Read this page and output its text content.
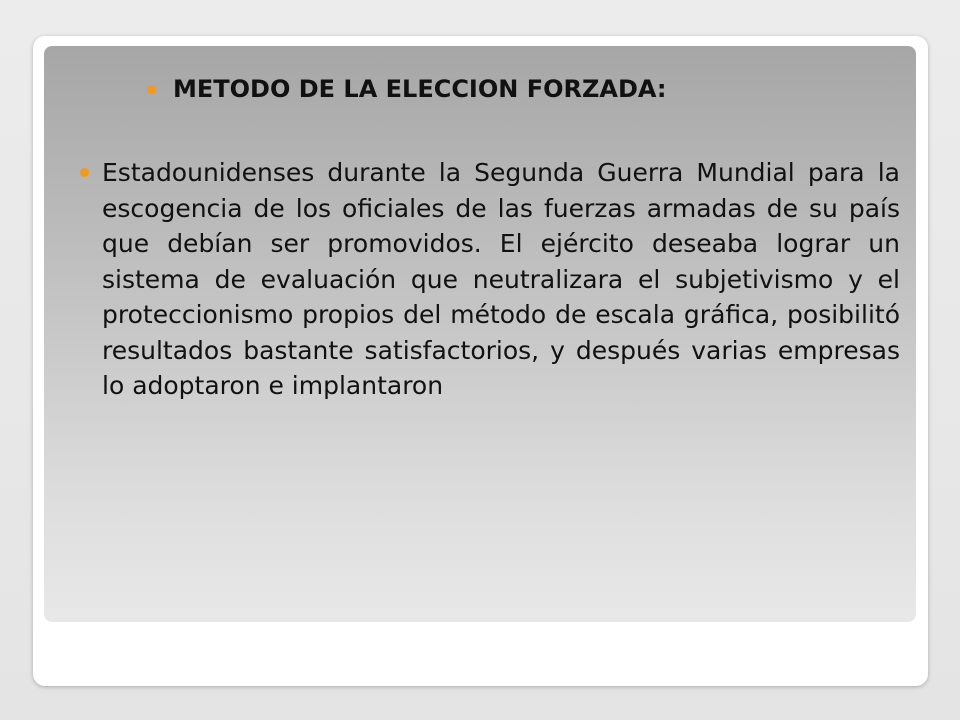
METODO DE LA ELECCION FORZADA:
Estadounidenses durante la Segunda Guerra Mundial para la escogencia de los oficiales de las fuerzas armadas de su país que debían ser promovidos. El ejército deseaba lograr un sistema de evaluación que neutralizara el subjetivismo y el proteccionismo propios del método de escala gráfica, posibilitó resultados bastante satisfactorios, y después varias empresas lo adoptaron e implantaron
